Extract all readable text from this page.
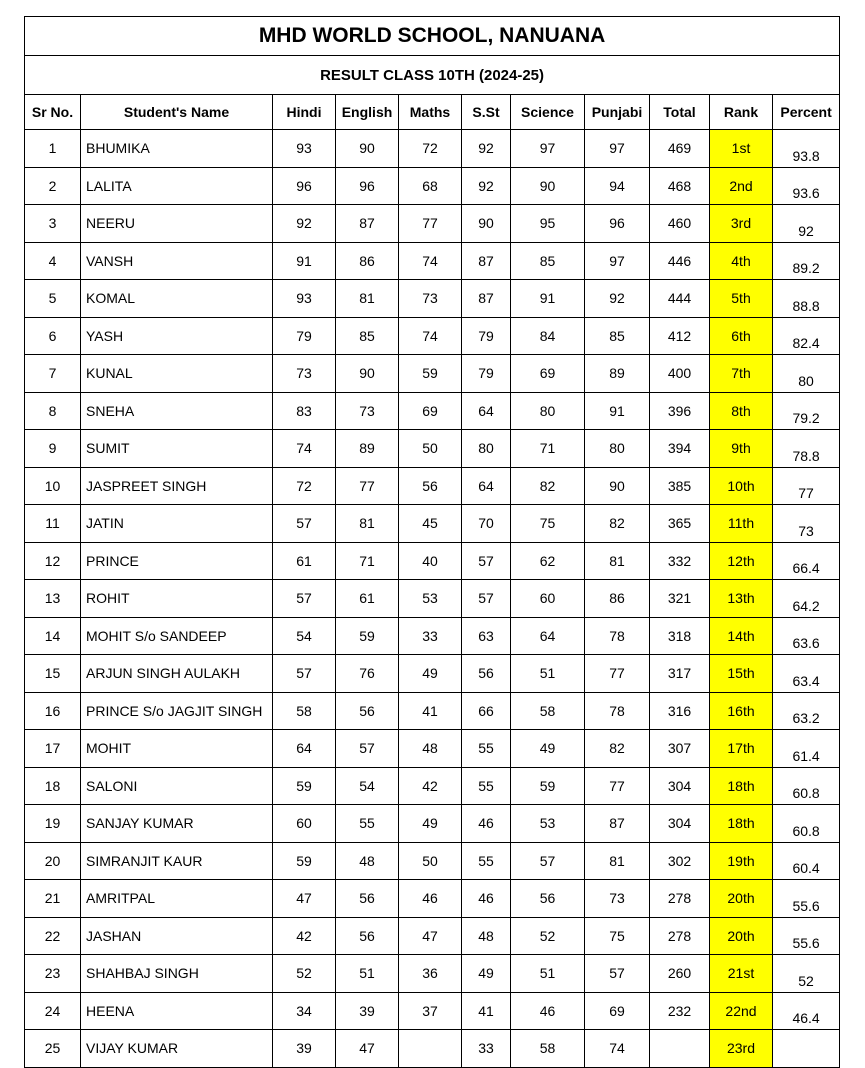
MHD WORLD SCHOOL, NANUANA										
RESULT CLASS 10TH (2024-25)										
Sr No.	Student's Name	Hindi	English	Maths	S.St	Science	Punjabi	Total	Rank	Percent
1	BHUMIKA	93	90	72	92	97	97	469	1st	93.8
2	LALITA	96	96	68	92	90	94	468	2nd	93.6
3	NEERU	92	87	77	90	95	96	460	3rd	92
4	VANSH	91	86	74	87	85	97	446	4th	89.2
5	KOMAL	93	81	73	87	91	92	444	5th	88.8
6	YASH	79	85	74	79	84	85	412	6th	82.4
7	KUNAL	73	90	59	79	69	89	400	7th	80
8	SNEHA	83	73	69	64	80	91	396	8th	79.2
9	SUMIT	74	89	50	80	71	80	394	9th	78.8
10	JASPREET SINGH	72	77	56	64	82	90	385	10th	77
11	JATIN	57	81	45	70	75	82	365	11th	73
12	PRINCE	61	71	40	57	62	81	332	12th	66.4
13	ROHIT	57	61	53	57	60	86	321	13th	64.2
14	MOHIT S/o SANDEEP	54	59	33	63	64	78	318	14th	63.6
15	ARJUN SINGH AULAKH	57	76	49	56	51	77	317	15th	63.4
16	PRINCE S/o JAGJIT SINGH	58	56	41	66	58	78	316	16th	63.2
17	MOHIT	64	57	48	55	49	82	307	17th	61.4
18	SALONI	59	54	42	55	59	77	304	18th	60.8
19	SANJAY KUMAR	60	55	49	46	53	87	304	18th	60.8
20	SIMRANJIT KAUR	59	48	50	55	57	81	302	19th	60.4
21	AMRITPAL	47	56	46	46	56	73	278	20th	55.6
22	JASHAN	42	56	47	48	52	75	278	20th	55.6
23	SHAHBAJ SINGH	52	51	36	49	51	57	260	21st	52
24	HEENA	34	39	37	41	46	69	232	22nd	46.4
25	VIJAY KUMAR	39	47		33	58	74		23rd	
